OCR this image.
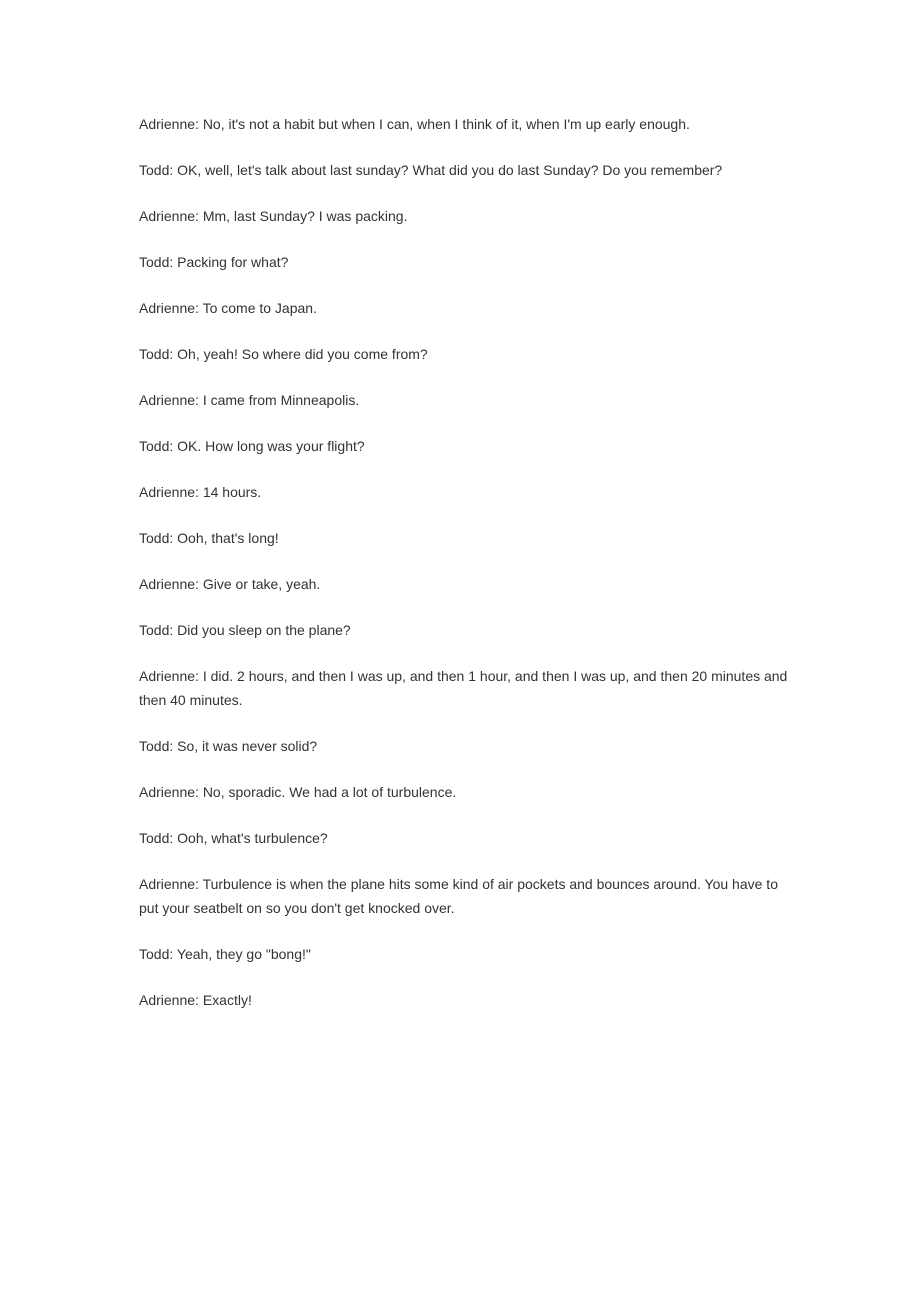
Adrienne: No, it's not a habit but when I can, when I think of it, when I'm up early enough.

Todd: OK, well, let's talk about last sunday? What did you do last Sunday? Do you remember?

Adrienne: Mm, last Sunday? I was packing.

Todd: Packing for what?

Adrienne: To come to Japan.

Todd: Oh, yeah! So where did you come from?

Adrienne: I came from Minneapolis.

Todd: OK. How long was your flight?

Adrienne: 14 hours.

Todd: Ooh, that's long!

Adrienne: Give or take, yeah.

Todd: Did you sleep on the plane?

Adrienne: I did. 2 hours, and then I was up, and then 1 hour, and then I was up, and then 20 minutes and then 40 minutes.

Todd: So, it was never solid?

Adrienne: No, sporadic. We had a lot of turbulence.

Todd: Ooh, what's turbulence?

Adrienne: Turbulence is when the plane hits some kind of air pockets and bounces around. You have to put your seatbelt on so you don't get knocked over.

Todd: Yeah, they go "bong!"

Adrienne: Exactly!
